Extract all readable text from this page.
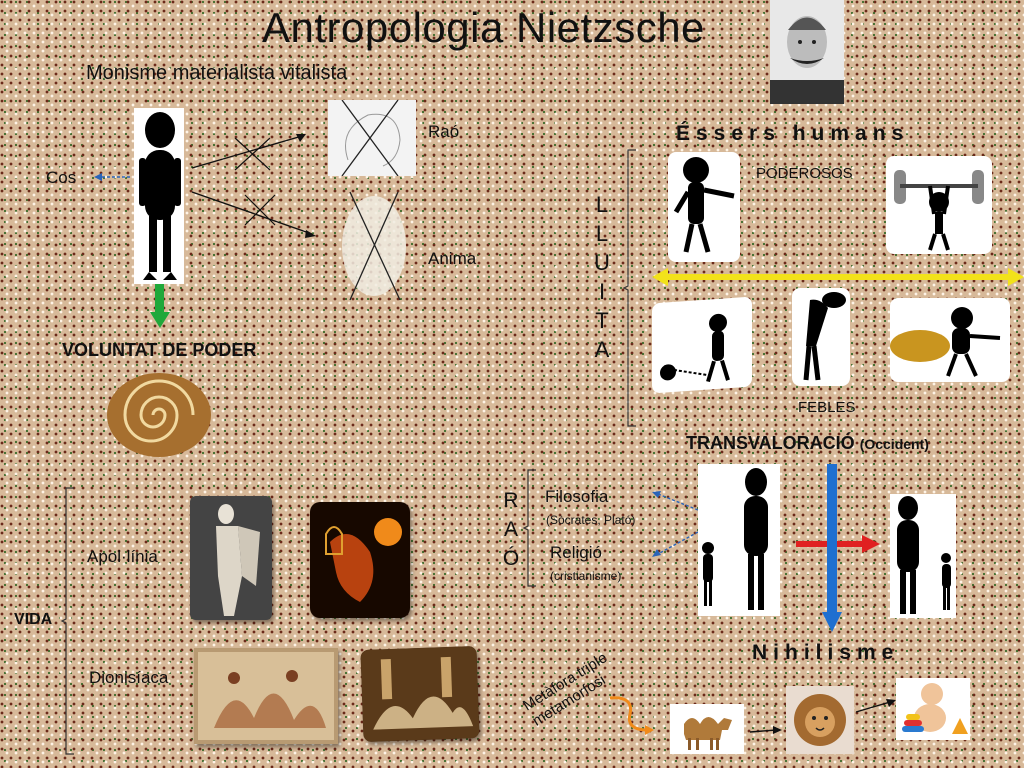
Antropologia Nietzsche
Monisme materialista vitalista
Cos
Raó
Anima
VOLUNTAT DE PODER
Éssers humans
L
L
U
I
T
A
PODEROSOS
FEBLES
TRANSVALORACIÓ (Occident)
R
A
Ó
Filosofia
(Sòcrates, Plató)
Religió
(cristianisme)
Nihilisme
VIDA
Apol·línia
Dionisíaca	Metàfora triple metamorfosi
